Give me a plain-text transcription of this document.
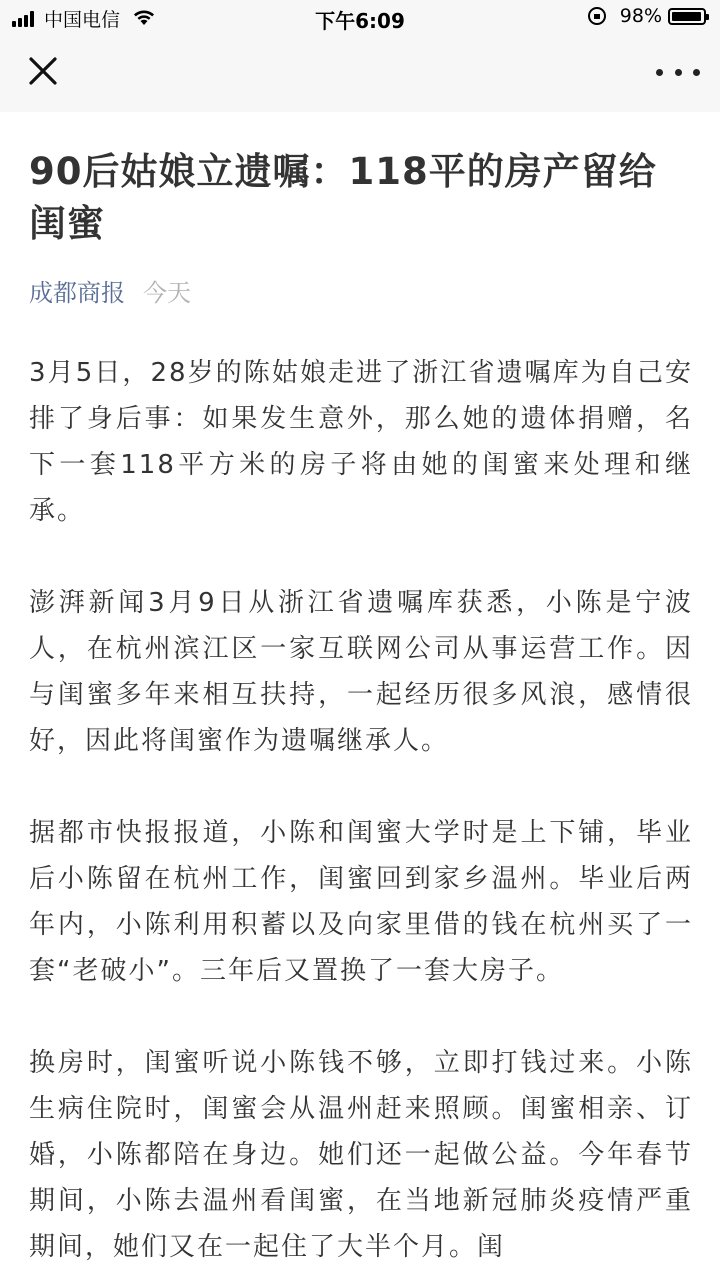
中国电信	下午6:09	98%
90后姑娘立遗嘱：118平的房产留给闺蜜
成都商报 今天

3月5日，28岁的陈姑娘走进了浙江省遗嘱库为自己安排了身后事：如果发生意外，那么她的遗体捐赠，名下一套118平方米的房子将由她的闺蜜来处理和继承。

澎湃新闻3月9日从浙江省遗嘱库获悉，小陈是宁波人，在杭州滨江区一家互联网公司从事运营工作。因与闺蜜多年来相互扶持，一起经历很多风浪，感情很好，因此将闺蜜作为遗嘱继承人。

据都市快报报道，小陈和闺蜜大学时是上下铺，毕业后小陈留在杭州工作，闺蜜回到家乡温州。毕业后两年内，小陈利用积蓄以及向家里借的钱在杭州买了一套“老破小”。三年后又置换了一套大房子。

换房时，闺蜜听说小陈钱不够，立即打钱过来。小陈生病住院时，闺蜜会从温州赶来照顾。闺蜜相亲、订婚，小陈都陪在身边。她们还一起做公益。今年春节期间，小陈去温州看闺蜜，在当地新冠肺炎疫情严重期间，她们又在一起住了大半个月。闺
